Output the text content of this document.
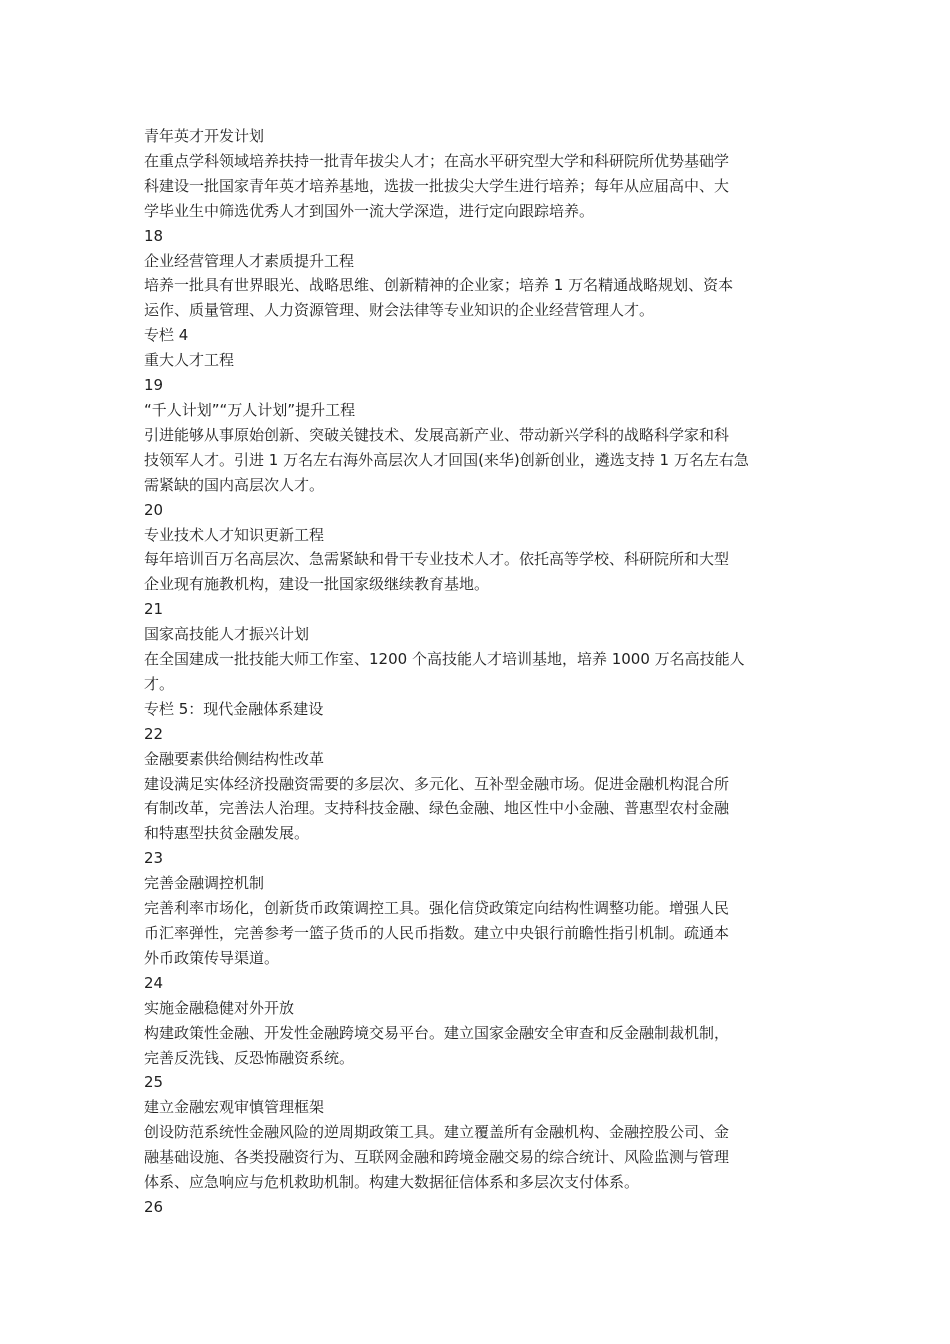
青年英才开发计划

在重点学科领域培养扶持一批青年拔尖人才；在高水平研究型大学和科研院所优势基础学

科建设一批国家青年英才培养基地，选拔一批拔尖大学生进行培养；每年从应届高中、大

学毕业生中筛选优秀人才到国外一流大学深造，进行定向跟踪培养。

18

企业经营管理人才素质提升工程

培养一批具有世界眼光、战略思维、创新精神的企业家；培养 1 万名精通战略规划、资本

运作、质量管理、人力资源管理、财会法律等专业知识的企业经营管理人才。

专栏 4

重大人才工程

19

“千人计划”“万人计划”提升工程

引进能够从事原始创新、突破关键技术、发展高新产业、带动新兴学科的战略科学家和科

技领军人才。引进 1 万名左右海外高层次人才回国(来华)创新创业，遴选支持 1 万名左右急

需紧缺的国内高层次人才。

20

专业技术人才知识更新工程

每年培训百万名高层次、急需紧缺和骨干专业技术人才。依托高等学校、科研院所和大型

企业现有施教机构，建设一批国家级继续教育基地。

21

国家高技能人才振兴计划

在全国建成一批技能大师工作室、1200 个高技能人才培训基地，培养 1000 万名高技能人

才。

专栏 5：现代金融体系建设

22

金融要素供给侧结构性改革

建设满足实体经济投融资需要的多层次、多元化、互补型金融市场。促进金融机构混合所

有制改革，完善法人治理。支持科技金融、绿色金融、地区性中小金融、普惠型农村金融

和特惠型扶贫金融发展。

23

完善金融调控机制

完善利率市场化，创新货币政策调控工具。强化信贷政策定向结构性调整功能。增强人民

币汇率弹性，完善参考一篮子货币的人民币指数。建立中央银行前瞻性指引机制。疏通本

外币政策传导渠道。

24

实施金融稳健对外开放

构建政策性金融、开发性金融跨境交易平台。建立国家金融安全审查和反金融制裁机制，

完善反洗钱、反恐怖融资系统。

25

建立金融宏观审慎管理框架

创设防范系统性金融风险的逆周期政策工具。建立覆盖所有金融机构、金融控股公司、金

融基础设施、各类投融资行为、互联网金融和跨境金融交易的综合统计、风险监测与管理

体系、应急响应与危机救助机制。构建大数据征信体系和多层次支付体系。

26
